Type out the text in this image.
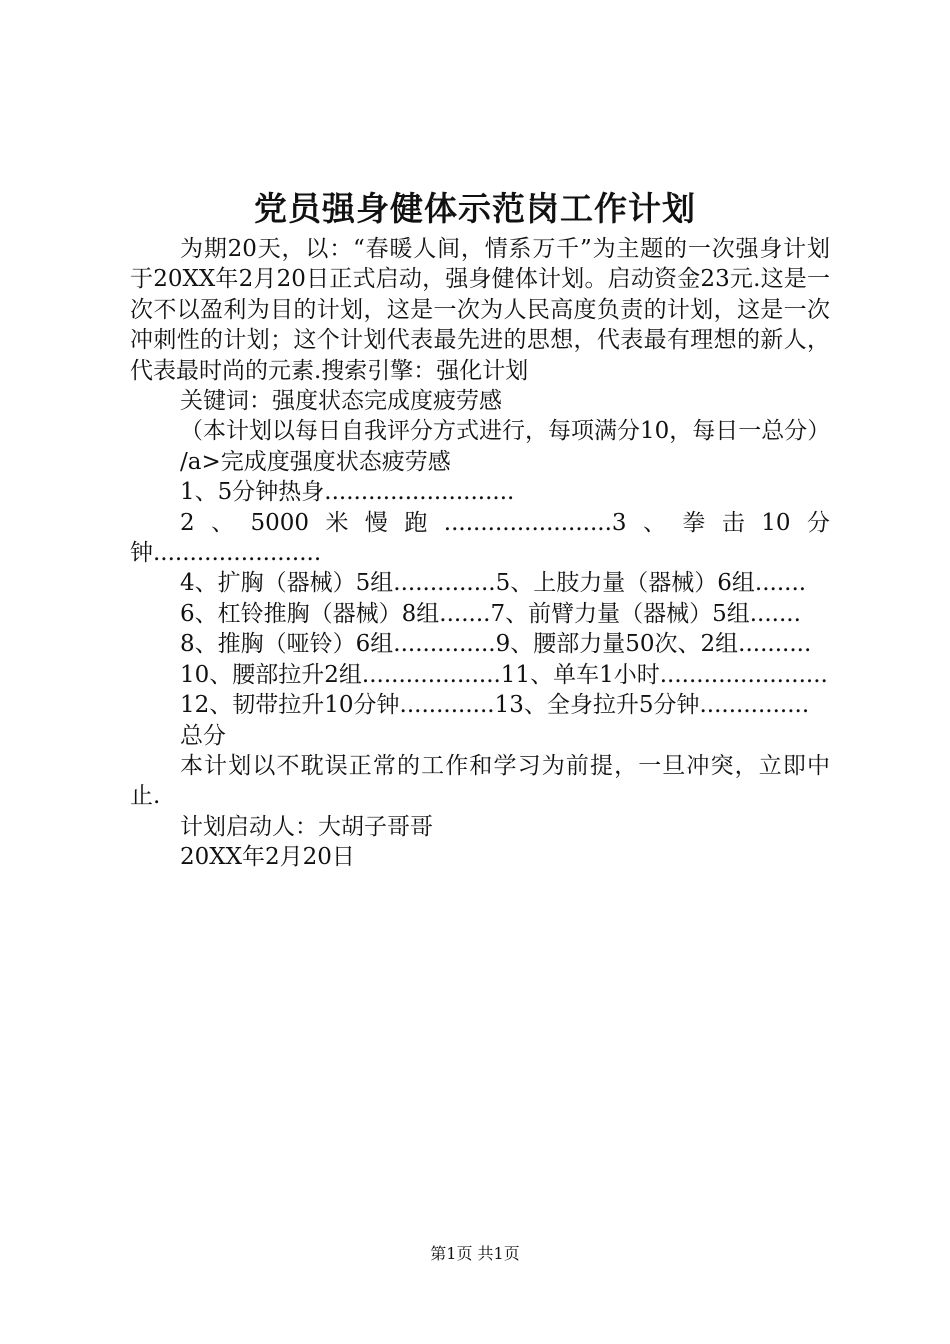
党员强身健体示范岗工作计划

为期20天，以：“春暖人间，情系万千”为主题的一次强身计划于20XX年2月20日正式启动，强身健体计划。启动资金23元.这是一次不以盈利为目的计划，这是一次为人民高度负责的计划，这是一次冲刺性的计划；这个计划代表最先进的思想，代表最有理想的新人，代表最时尚的元素.搜索引擎：强化计划

关键词：强度状态完成度疲劳感

（本计划以每日自我评分方式进行，每项满分10，每日一总分）

/a>完成度强度状态疲劳感

1、5分钟热身..........................

2、5000米慢跑.......................3、拳击10分钟.......................

4、扩胸（器械）5组..............5、上肢力量（器械）6组.......

6、杠铃推胸（器械）8组.......7、前臂力量（器械）5组.......

8、推胸（哑铃）6组..............9、腰部力量50次、2组..........

10、腰部拉升2组...................11、单车1小时.......................

12、韧带拉升10分钟.............13、全身拉升5分钟...............

总分

本计划以不耽误正常的工作和学习为前提，一旦冲突，立即中止.

计划启动人：大胡子哥哥

20XX年2月20日

第1页 共1页
